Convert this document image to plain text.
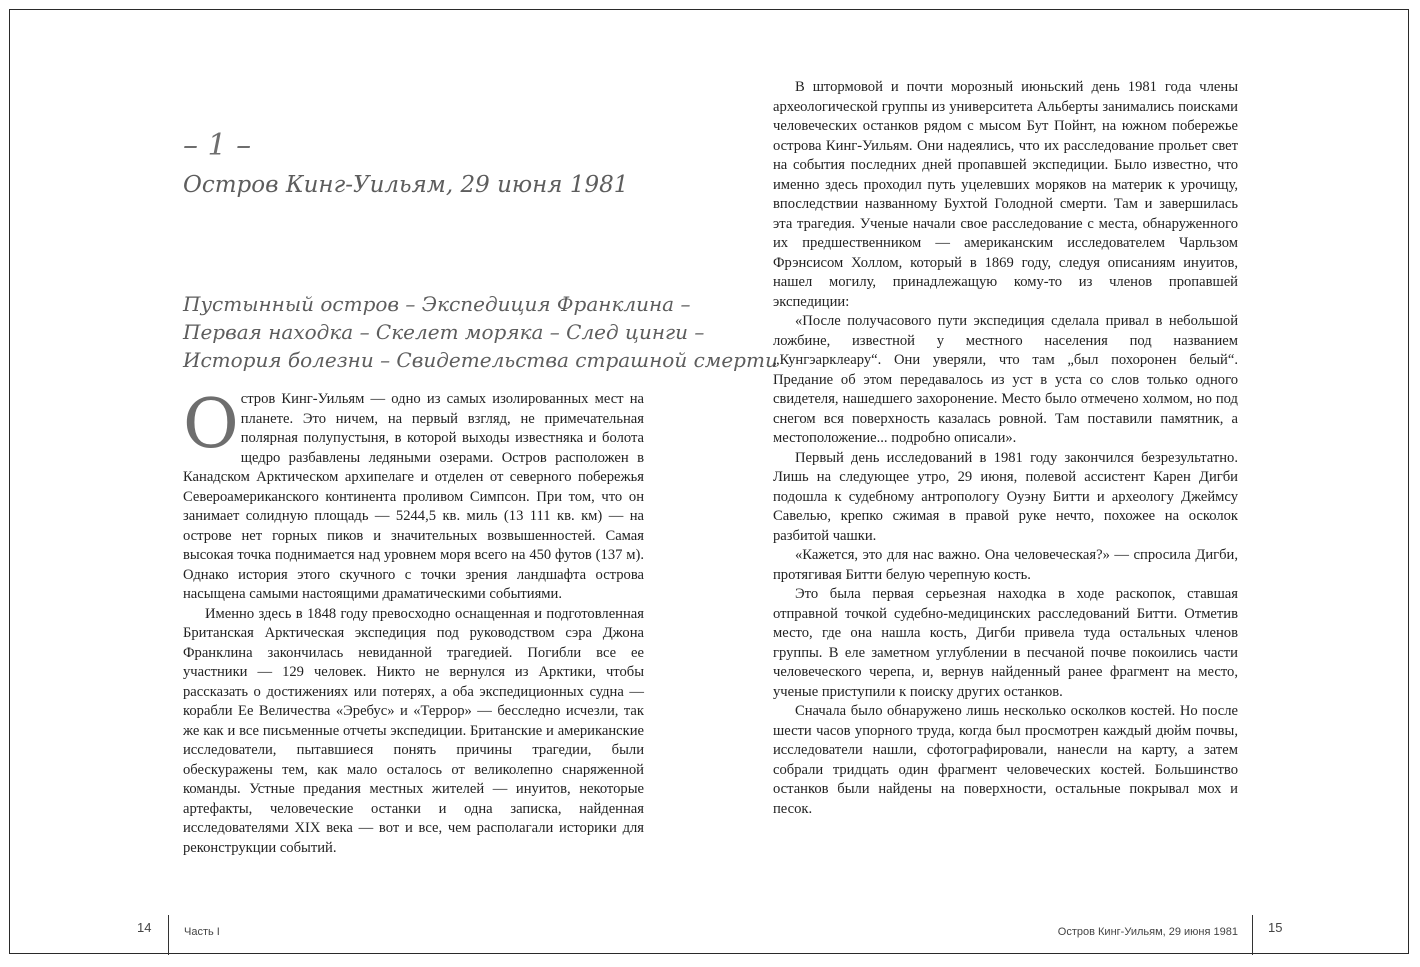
– 1 –
Остров Кинг-Уильям, 29 июня 1981
Пустынный остров – Экспедиция Франклина –
Первая находка – Скелет моряка – След цинги –
История болезни – Свидетельства страшной смерти

Остров Кинг-Уильям — одно из самых изолированных мест на планете. Это ничем, на первый взгляд, не примечательная полярная полупустыня, в которой выходы известняка и болота щедро разбавлены ледяными озерами. Остров расположен в Канадском Арктическом архипелаге и отделен от северного побережья Североамериканского континента проливом Симпсон. При том, что он занимает солидную площадь — 5244,5 кв. миль (13 111 кв. км) — на острове нет горных пиков и значительных возвышенностей. Самая высокая точка поднимается над уровнем моря всего на 450 футов (137 м). Однако история этого скучного с точки зрения ландшафта острова насыщена самыми настоящими драматическими событиями.

Именно здесь в 1848 году превосходно оснащенная и подготовленная Британская Арктическая экспедиция под руководством сэра Джона Франклина закончилась невиданной трагедией. Погибли все ее участники — 129 человек. Никто не вернулся из Арктики, чтобы рассказать о достижениях или потерях, а оба экспедиционных судна — корабли Ее Величества «Эребус» и «Террор» — бесследно исчезли, так же как и все письменные отчеты экспедиции. Британские и американские исследователи, пытавшиеся понять причины трагедии, были обескуражены тем, как мало осталось от великолепно снаряженной команды. Устные предания местных жителей — инуитов, некоторые артефакты, человеческие останки и одна записка, найденная исследователями XIX века — вот и все, чем располагали историки для реконструкции событий.

14	Часть I

В штормовой и почти морозный июньский день 1981 года члены археологической группы из университета Альберты занимались поисками человеческих останков рядом с мысом Бут Пойнт, на южном побережье острова Кинг-Уильям. Они надеялись, что их расследование прольет свет на события последних дней пропавшей экспедиции. Было известно, что именно здесь проходил путь уцелевших моряков на материк к урочищу, впоследствии названному Бухтой Голодной смерти. Там и завершилась эта трагедия. Ученые начали свое расследование с места, обнаруженного их предшественником — американским исследователем Чарльзом Фрэнсисом Холлом, который в 1869 году, следуя описаниям инуитов, нашел могилу, принадлежащую кому-то из членов пропавшей экспедиции:

«После получасового пути экспедиция сделала привал в небольшой ложбине, известной у местного населения под названием „Кунгэарклеару“. Они уверяли, что там „был похоронен белый“. Предание об этом передавалось из уст в уста со слов только одного свидетеля, нашедшего захоронение. Место было отмечено холмом, но под снегом вся поверхность казалась ровной. Там поставили памятник, а местоположение... подробно описали».

Первый день исследований в 1981 году закончился безрезультатно. Лишь на следующее утро, 29 июня, полевой ассистент Карен Дигби подошла к судебному антропологу Оуэну Битти и археологу Джеймсу Савелью, крепко сжимая в правой руке нечто, похожее на осколок разбитой чашки.

«Кажется, это для нас важно. Она человеческая?» — спросила Дигби, протягивая Битти белую черепную кость.

Это была первая серьезная находка в ходе раскопок, ставшая отправной точкой судебно-медицинских расследований Битти. Отметив место, где она нашла кость, Дигби привела туда остальных членов группы. В еле заметном углублении в песчаной почве покоились части человеческого черепа, и, вернув найденный ранее фрагмент на место, ученые приступили к поиску других останков.

Сначала было обнаружено лишь несколько осколков костей. Но после шести часов упорного труда, когда был просмотрен каждый дюйм почвы, исследователи нашли, сфотографировали, нанесли на карту, а затем собрали тридцать один фрагмент человеческих костей. Большинство останков были найдены на поверхности, остальные покрывал мох и песок.

Остров Кинг-Уильям, 29 июня 1981 15
